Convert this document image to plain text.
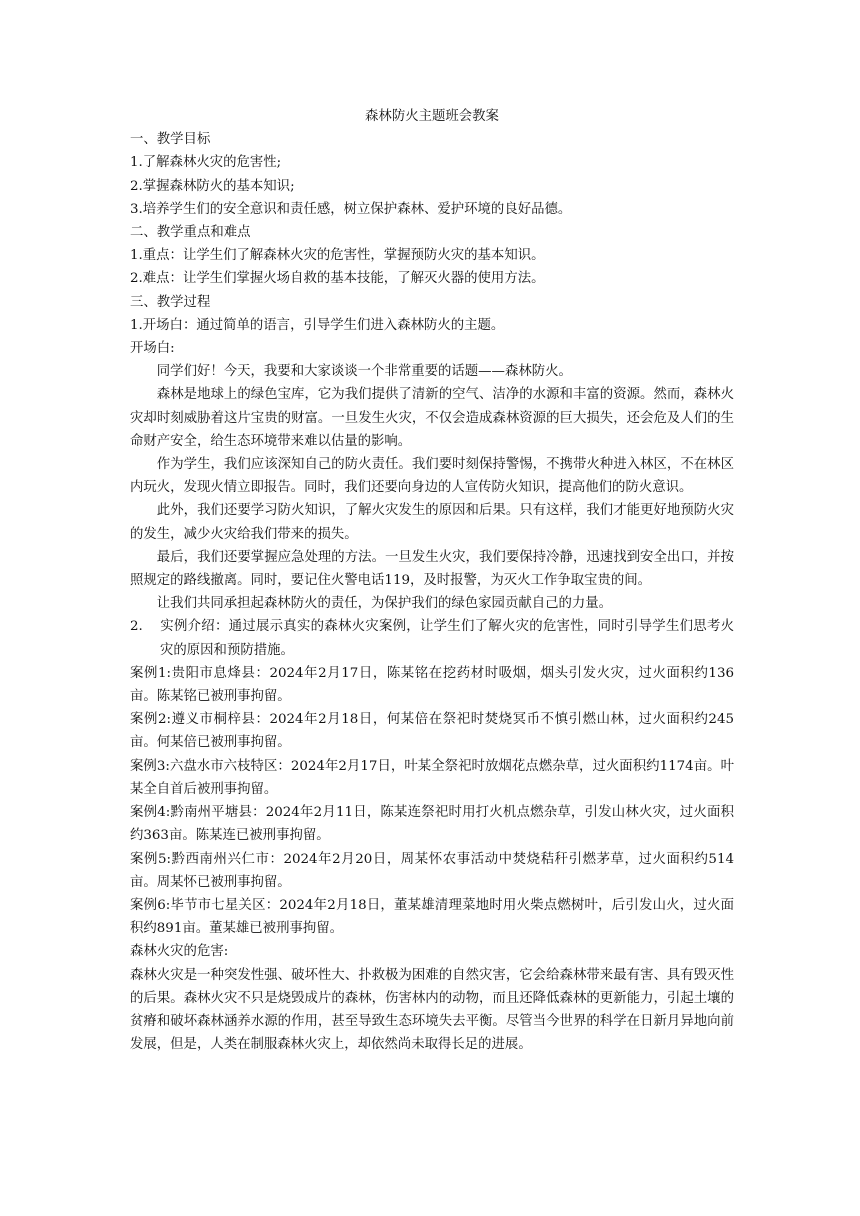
森林防火主题班会教案

一、教学目标

1.了解森林火灾的危害性;

2.掌握森林防火的基本知识;

3.培养学生们的安全意识和责任感，树立保护森林、爱护环境的良好品德。

二、教学重点和难点

1.重点：让学生们了解森林火灾的危害性，掌握预防火灾的基本知识。

2.难点：让学生们掌握火场自救的基本技能，了解灭火器的使用方法。

三、教学过程

1.开场白：通过简单的语言，引导学生们进入森林防火的主题。

开场白:

同学们好！今天，我要和大家谈谈一个非常重要的话题——森林防火。

森林是地球上的绿色宝库，它为我们提供了清新的空气、洁净的水源和丰富的资源。然而，森林火灾却时刻威胁着这片宝贵的财富。一旦发生火灾，不仅会造成森林资源的巨大损失，还会危及人们的生命财产安全，给生态环境带来难以估量的影响。

作为学生，我们应该深知自己的防火责任。我们要时刻保持警惕，不携带火种进入林区，不在林区内玩火，发现火情立即报告。同时，我们还要向身边的人宣传防火知识，提高他们的防火意识。

此外，我们还要学习防火知识，了解火灾发生的原因和后果。只有这样，我们才能更好地预防火灾的发生，减少火灾给我们带来的损失。

最后，我们还要掌握应急处理的方法。一旦发生火灾，我们要保持冷静，迅速找到安全出口，并按照规定的路线撤离。同时，要记住火警电话119，及时报警，为灭火工作争取宝贵的间。

让我们共同承担起森林防火的责任，为保护我们的绿色家园贡献自己的力量。

2. 实例介绍：通过展示真实的森林火灾案例，让学生们了解火灾的危害性，同时引导学生们思考火灾的原因和预防措施。

案例1:贵阳市息烽县：2024年2月17日，陈某铭在挖药材时吸烟，烟头引发火灾，过火面积约136亩。陈某铭已被刑事拘留。

案例2:遵义市桐梓县：2024年2月18日，何某倍在祭祀时焚烧冥币不慎引燃山林，过火面积约245亩。何某倍已被刑事拘留。

案例3:六盘水市六枝特区：2024年2月17日，叶某全祭祀时放烟花点燃杂草，过火面积约1174亩。叶某全自首后被刑事拘留。

案例4:黔南州平塘县：2024年2月11日，陈某连祭祀时用打火机点燃杂草，引发山林火灾，过火面积约363亩。陈某连已被刑事拘留。

案例5:黔西南州兴仁市：2024年2月20日，周某怀农事活动中焚烧秸秆引燃茅草，过火面积约514亩。周某怀已被刑事拘留。

案例6:毕节市七星关区：2024年2月18日，董某雄清理菜地时用火柴点燃树叶，后引发山火，过火面积约891亩。董某雄已被刑事拘留。

森林火灾的危害:

森林火灾是一种突发性强、破坏性大、扑救极为困难的自然灾害，它会给森林带来最有害、具有毁灭性的后果。森林火灾不只是烧毁成片的森林，伤害林内的动物，而且还降低森林的更新能力，引起土壤的贫瘠和破坏森林涵养水源的作用，甚至导致生态环境失去平衡。尽管当今世界的科学在日新月异地向前发展，但是，人类在制服森林火灾上，却依然尚未取得长足的进展。
